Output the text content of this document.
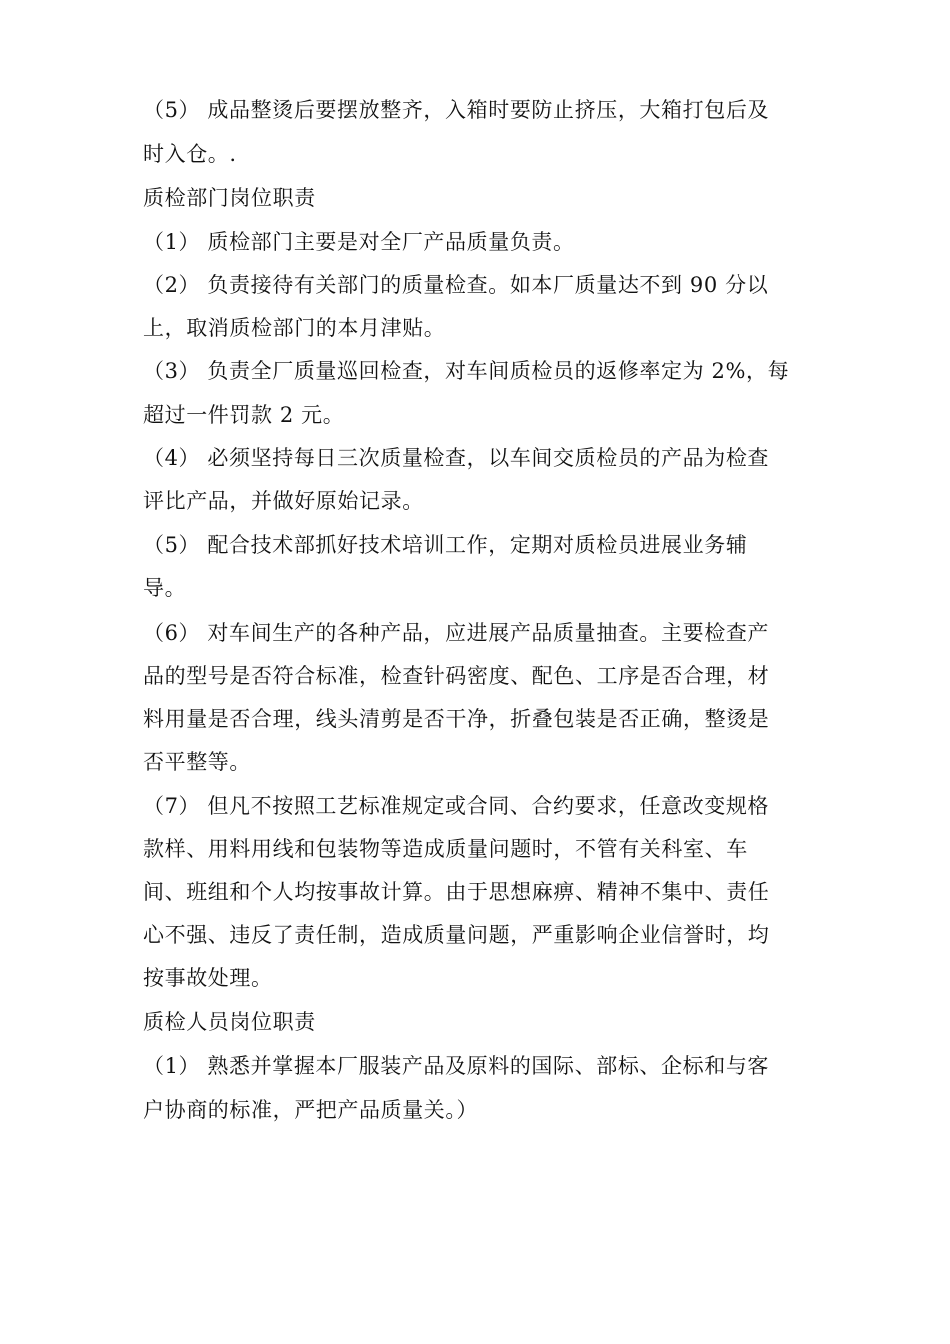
（5） 成品整烫后要摆放整齐，入箱时要防止挤压，大箱打包后及
时入仓。.
质检部门岗位职责
（1） 质检部门主要是对全厂产品质量负责。
（2） 负责接待有关部门的质量检查。如本厂质量达不到 90 分以
上，取消质检部门的本月津贴。
（3） 负责全厂质量巡回检查，对车间质检员的返修率定为 2%，每
超过一件罚款 2 元。
（4） 必须坚持每日三次质量检查，以车间交质检员的产品为检查
评比产品，并做好原始记录。
（5） 配合技术部抓好技术培训工作，定期对质检员进展业务辅
导。
（6） 对车间生产的各种产品，应进展产品质量抽查。主要检查产
品的型号是否符合标准，检查针码密度、配色、工序是否合理，材
料用量是否合理，线头清剪是否干净，折叠包装是否正确，整烫是
否平整等。
（7） 但凡不按照工艺标准规定或合同、合约要求，任意改变规格
款样、用料用线和包装物等造成质量问题时，不管有关科室、车
间、班组和个人均按事故计算。由于思想麻痹、精神不集中、责任
心不强、违反了责任制，造成质量问题，严重影响企业信誉时，均
按事故处理。
质检人员岗位职责
（1） 熟悉并掌握本厂服装产品及原料的国际、部标、企标和与客
户协商的标准，严把产品质量关。）
